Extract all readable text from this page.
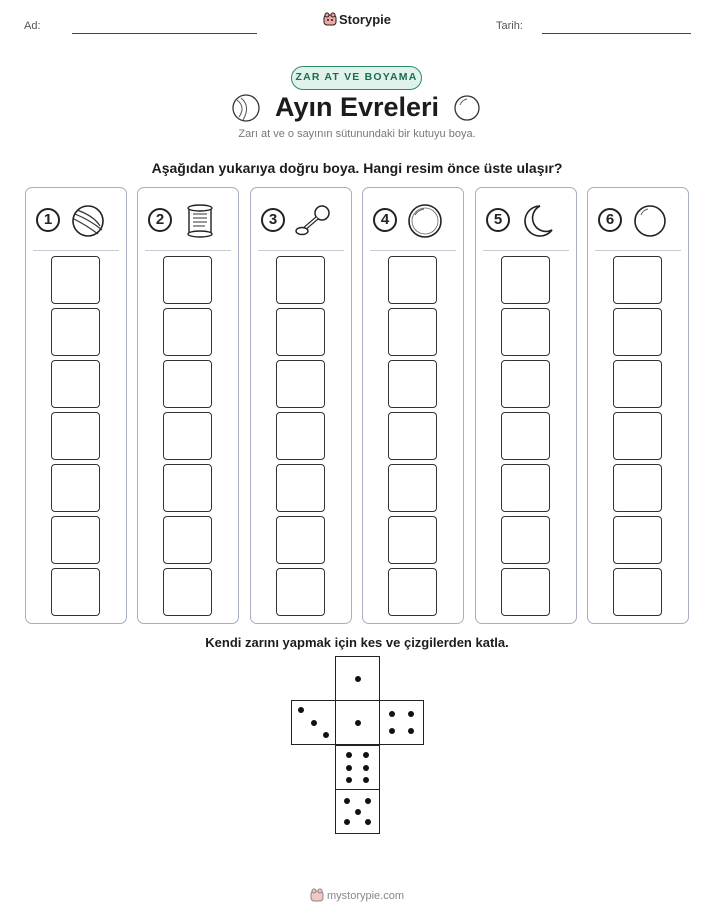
Ad:	Tarih:
Storypie
ZAR AT VE BOYAMA
Ayın Evreleri
Zarı at ve o sayının sütunundaki bir kutuyu boya.
Aşağıdan yukarıya doğru boya. Hangi resim önce üste ulaşır?
1	2	3	4	5	6
Kendi zarını yapmak için kes ve çizgilerden katla.
mystorypie.com
